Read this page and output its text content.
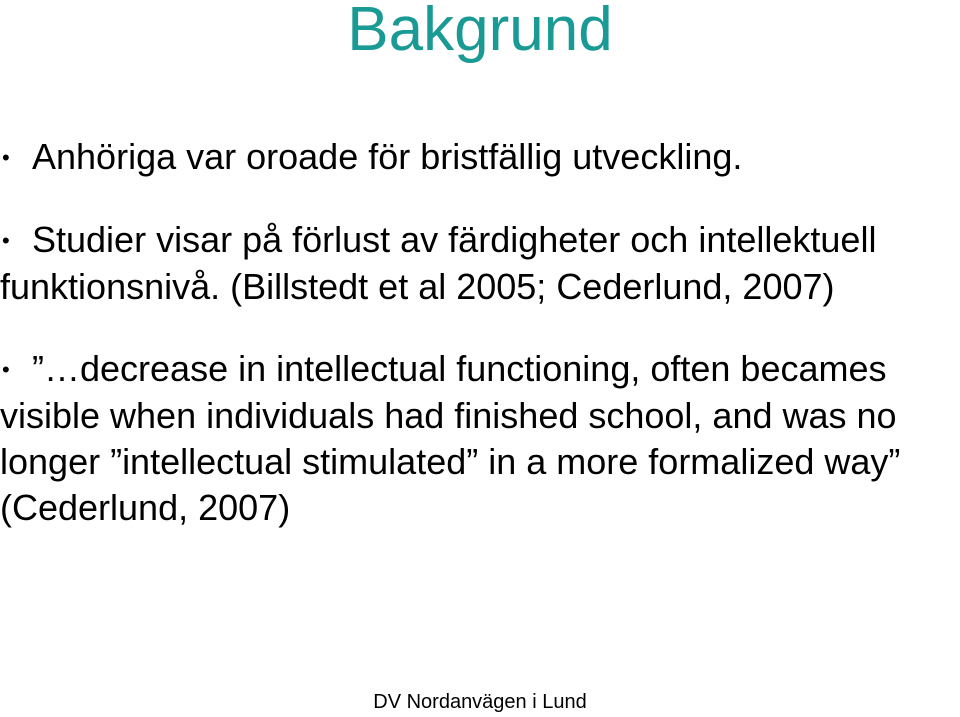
Bakgrund
• Anhöriga var oroade för bristfällig utveckling.
• Studier visar på förlust av färdigheter och intellektuell funktionsnivå. (Billstedt et al 2005; Cederlund, 2007)
• ”…decrease in intellectual functioning, often becames visible when individuals had finished school, and was no longer ”intellectual stimulated” in a more formalized way” (Cederlund, 2007)
DV Nordanvägen i Lund
